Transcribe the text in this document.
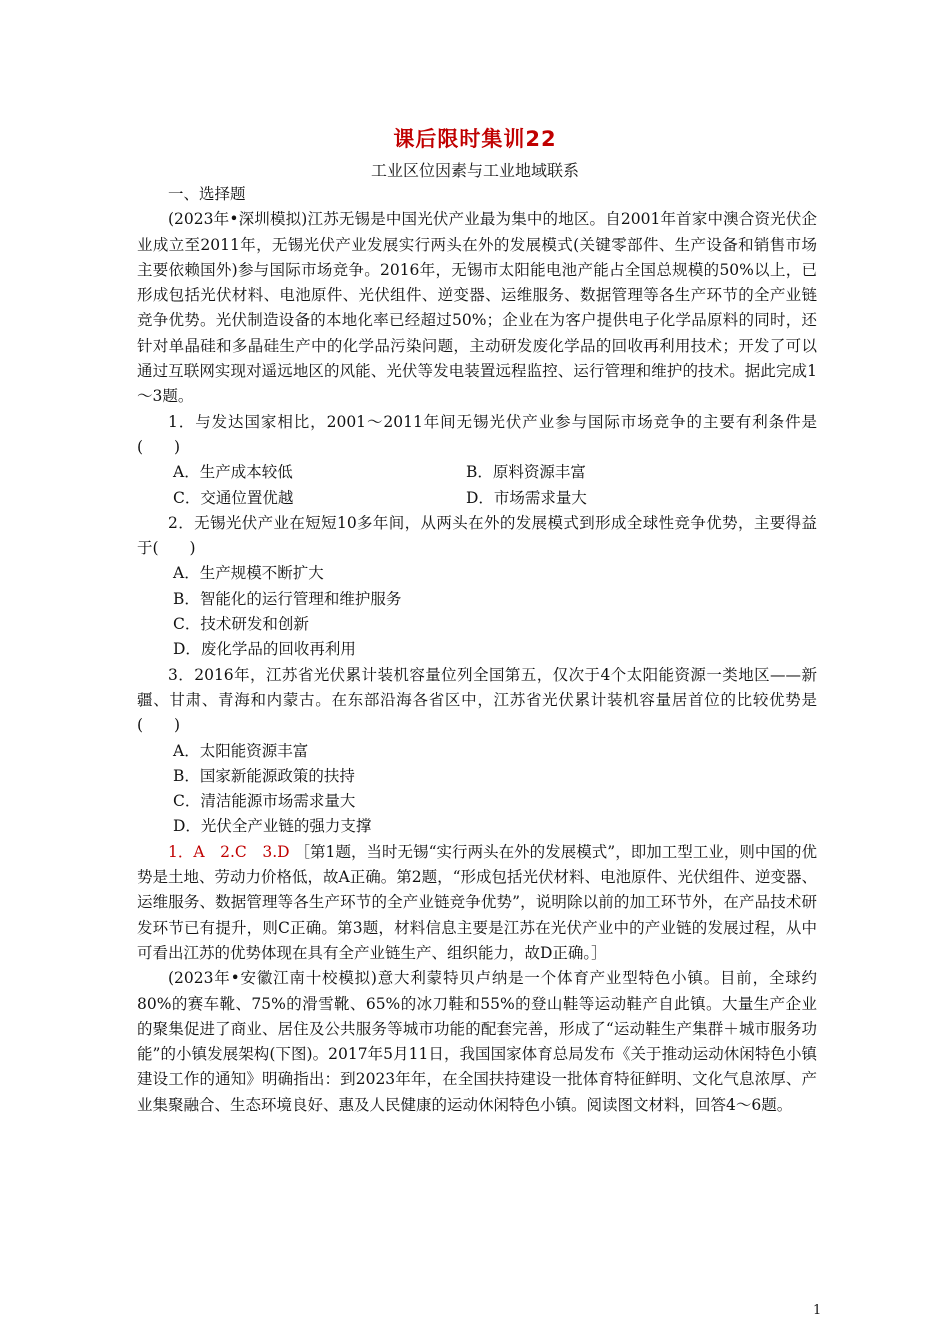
课后限时集训22
工业区位因素与工业地域联系

一、选择题

(2023年•深圳模拟)江苏无锡是中国光伏产业最为集中的地区。自2001年首家中澳合资光伏企业成立至2011年，无锡光伏产业发展实行两头在外的发展模式(关键零部件、生产设备和销售市场主要依赖国外)参与国际市场竞争。2016年，无锡市太阳能电池产能占全国总规模的50%以上，已形成包括光伏材料、电池原件、光伏组件、逆变器、运维服务、数据管理等各生产环节的全产业链竞争优势。光伏制造设备的本地化率已经超过50%；企业在为客户提供电子化学品原料的同时，还针对单晶硅和多晶硅生产中的化学品污染问题，主动研发废化学品的回收再利用技术；开发了可以通过互联网实现对遥远地区的风能、光伏等发电装置远程监控、运行管理和维护的技术。据此完成1～3题。

1．与发达国家相比，2001～2011年间无锡光伏产业参与国际市场竞争的主要有利条件是(　　)

A．生产成本较低	B．原料资源丰富
C．交通位置优越	D．市场需求量大

2．无锡光伏产业在短短10多年间，从两头在外的发展模式到形成全球性竞争优势，主要得益于(　　)

A．生产规模不断扩大

B．智能化的运行管理和维护服务

C．技术研发和创新

D．废化学品的回收再利用

3．2016年，江苏省光伏累计装机容量位列全国第五，仅次于4个太阳能资源一类地区——新疆、甘肃、青海和内蒙古。在东部沿海各省区中，江苏省光伏累计装机容量居首位的比较优势是(　　)

A．太阳能资源丰富

B．国家新能源政策的扶持

C．清洁能源市场需求量大

D．光伏全产业链的强力支撑

1．A　2.C　3.D ［第1题，当时无锡“实行两头在外的发展模式”，即加工型工业，则中国的优势是土地、劳动力价格低，故A正确。第2题，“形成包括光伏材料、电池原件、光伏组件、逆变器、运维服务、数据管理等各生产环节的全产业链竞争优势”，说明除以前的加工环节外，在产品技术研发环节已有提升，则C正确。第3题，材料信息主要是江苏在光伏产业中的产业链的发展过程，从中可看出江苏的优势体现在具有全产业链生产、组织能力，故D正确。］

(2023年•安徽江南十校模拟)意大利蒙特贝卢纳是一个体育产业型特色小镇。目前，全球约80%的赛车靴、75%的滑雪靴、65%的冰刀鞋和55%的登山鞋等运动鞋产自此镇。大量生产企业的聚集促进了商业、居住及公共服务等城市功能的配套完善，形成了“运动鞋生产集群＋城市服务功能”的小镇发展架构(下图)。2017年5月11日，我国国家体育总局发布《关于推动运动休闲特色小镇建设工作的通知》明确指出：到2023年年，在全国扶持建设一批体育特征鲜明、文化气息浓厚、产业集聚融合、生态环境良好、惠及人民健康的运动休闲特色小镇。阅读图文材料，回答4～6题。

1
